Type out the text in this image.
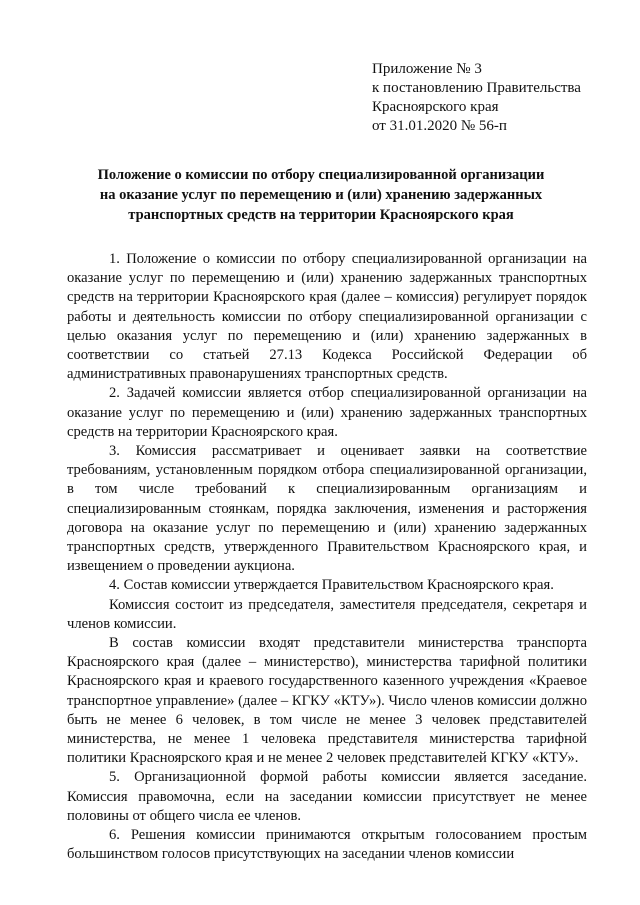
Приложение № 3
к постановлению Правительства
Красноярского края
от 31.01.2020 № 56-п
Положение о комиссии по отбору специализированной организации
на оказание услуг по перемещению и (или) хранению задержанных
транспортных средств на территории Красноярского края

1. Положение о комиссии по отбору специализированной организации на оказание услуг по перемещению и (или) хранению задержанных транспортных средств на территории Красноярского края (далее – комиссия) регулирует порядок работы и деятельность комиссии по отбору специализированной организации с целью оказания услуг по перемещению и (или) хранению задержанных в соответствии со статьей 27.13 Кодекса Российской Федерации об административных правонарушениях транспортных средств.

2. Задачей комиссии является отбор специализированной организации на оказание услуг по перемещению и (или) хранению задержанных транспортных средств на территории Красноярского края.

3. Комиссия рассматривает и оценивает заявки на соответствие требованиям, установленным порядком отбора специализированной организации, в том числе требований к специализированным организациям и специализированным стоянкам, порядка заключения, изменения и расторжения договора на оказание услуг по перемещению и (или) хранению задержанных транспортных средств, утвержденного Правительством Красноярского края, и извещением о проведении аукциона.

4. Состав комиссии утверждается Правительством Красноярского края.

Комиссия состоит из председателя, заместителя председателя, секретаря и членов комиссии.

В состав комиссии входят представители министерства транспорта Красноярского края (далее – министерство), министерства тарифной политики Красноярского края и краевого государственного казенного учреждения «Краевое транспортное управление» (далее – КГКУ «КТУ»). Число членов комиссии должно быть не менее 6 человек, в том числе не менее 3 человек представителей министерства, не менее 1 человека представителя министерства тарифной политики Красноярского края и не менее 2 человек представителей КГКУ «КТУ».

5. Организационной формой работы комиссии является заседание. Комиссия правомочна, если на заседании комиссии присутствует не менее половины от общего числа ее членов.

6. Решения комиссии принимаются открытым голосованием простым большинством голосов присутствующих на заседании членов комиссии
